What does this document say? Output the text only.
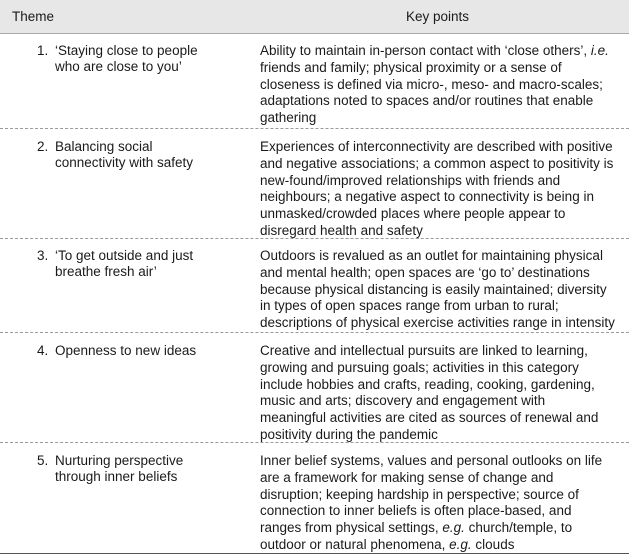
Theme	Key points
1. ‘Staying close to people
who are close to you’
Ability to maintain in-person contact with ‘close others’, i.e.
friends and family; physical proximity or a sense of
closeness is defined via micro-, meso- and macro-scales;
adaptations noted to spaces and/or routines that enable
gathering
2. Balancing social
connectivity with safety
Experiences of interconnectivity are described with positive
and negative associations; a common aspect to positivity is
new-found/improved relationships with friends and
neighbours; a negative aspect to connectivity is being in
unmasked/crowded places where people appear to
disregard health and safety
3. ‘To get outside and just
breathe fresh air’
Outdoors is revalued as an outlet for maintaining physical
and mental health; open spaces are ‘go to’ destinations
because physical distancing is easily maintained; diversity
in types of open spaces range from urban to rural;
descriptions of physical exercise activities range in intensity
4. Openness to new ideas	Creative and intellectual pursuits are linked to learning,
growing and pursuing goals; activities in this category
include hobbies and crafts, reading, cooking, gardening,
music and arts; discovery and engagement with
meaningful activities are cited as sources of renewal and
positivity during the pandemic
5. Nurturing perspective
through inner beliefs
Inner belief systems, values and personal outlooks on life
are a framework for making sense of change and
disruption; keeping hardship in perspective; source of
connection to inner beliefs is often place-based, and
ranges from physical settings, e.g. church/temple, to
outdoor or natural phenomena, e.g. clouds
